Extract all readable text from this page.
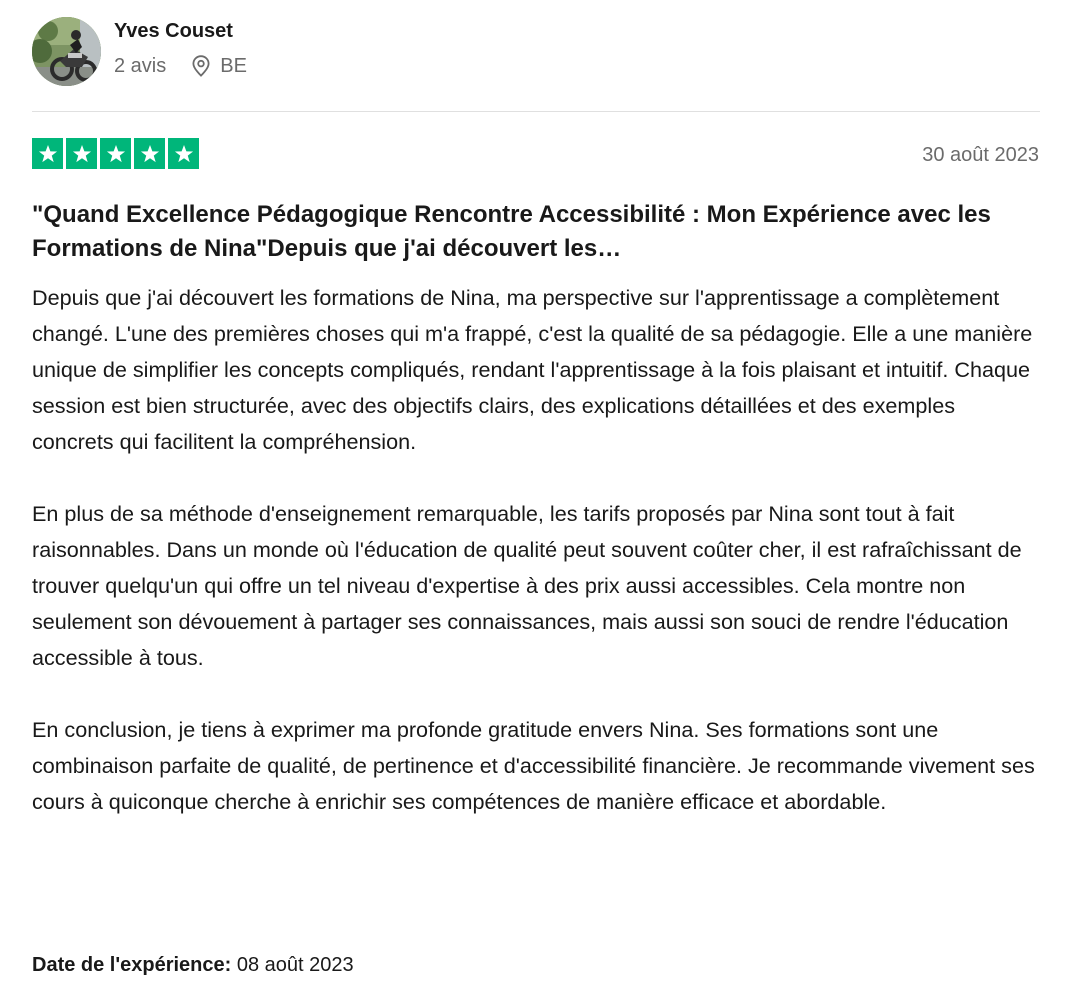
Yves Couset
2 avis	BE
30 août 2023
"Quand Excellence Pédagogique Rencontre Accessibilité : Mon Expérience avec les Formations de Nina"Depuis que j'ai découvert les…

Depuis que j'ai découvert les formations de Nina, ma perspective sur l'apprentissage a complètement changé. L'une des premières choses qui m'a frappé, c'est la qualité de sa pédagogie. Elle a une manière unique de simplifier les concepts compliqués, rendant l'apprentissage à la fois plaisant et intuitif. Chaque session est bien structurée, avec des objectifs clairs, des explications détaillées et des exemples concrets qui facilitent la compréhension.

En plus de sa méthode d'enseignement remarquable, les tarifs proposés par Nina sont tout à fait raisonnables. Dans un monde où l'éducation de qualité peut souvent coûter cher, il est rafraîchissant de trouver quelqu'un qui offre un tel niveau d'expertise à des prix aussi accessibles. Cela montre non seulement son dévouement à partager ses connaissances, mais aussi son souci de rendre l'éducation accessible à tous.

En conclusion, je tiens à exprimer ma profonde gratitude envers Nina. Ses formations sont une combinaison parfaite de qualité, de pertinence et d'accessibilité financière. Je recommande vivement ses cours à quiconque cherche à enrichir ses compétences de manière efficace et abordable.

Date de l'expérience: 08 août 2023
